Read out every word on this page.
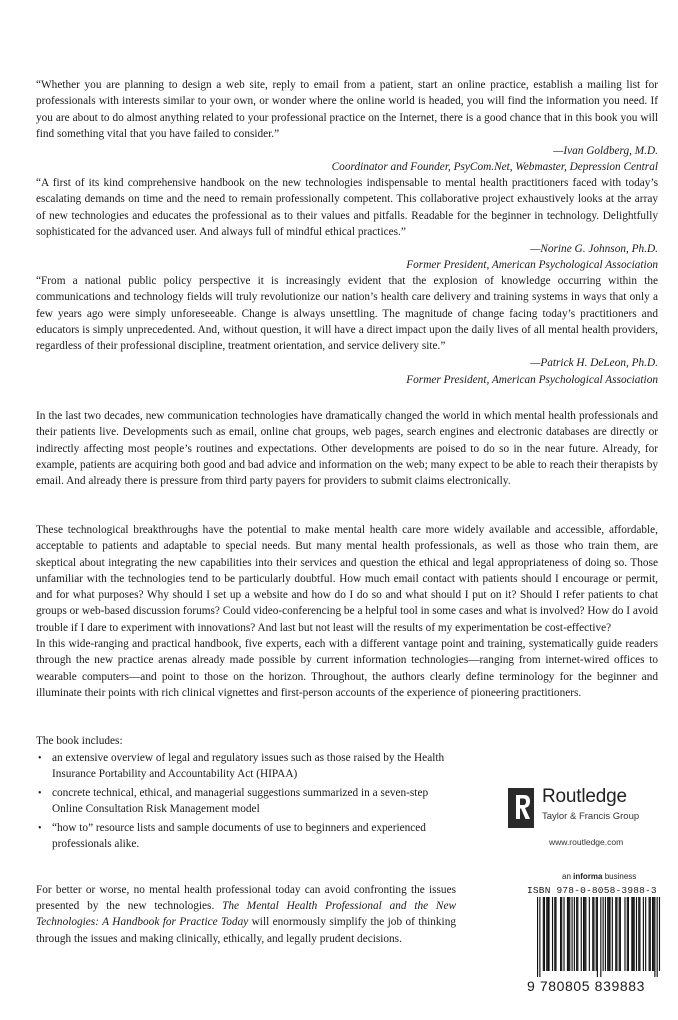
“Whether you are planning to design a web site, reply to email from a patient, start an online practice, establish a mailing list for professionals with interests similar to your own, or wonder where the online world is headed, you will find the information you need. If you are about to do almost anything related to your professional practice on the Internet, there is a good chance that in this book you will find something vital that you have failed to consider.”

—Ivan Goldberg, M.D.
Coordinator and Founder, PsyCom.Net, Webmaster, Depression Central

“A first of its kind comprehensive handbook on the new technologies indispensable to mental health practitioners faced with today’s escalating demands on time and the need to remain professionally competent. This collaborative project exhaustively looks at the array of new technologies and educates the professional as to their values and pitfalls. Readable for the beginner in technology. Delightfully sophisticated for the advanced user. And always full of mindful ethical practices.”

—Norine G. Johnson, Ph.D.
Former President, American Psychological Association

“From a national public policy perspective it is increasingly evident that the explosion of knowledge occurring within the communications and technology fields will truly revolutionize our nation’s health care delivery and training systems in ways that only a few years ago were simply unforeseeable. Change is always unsettling. The magnitude of change facing today’s practitioners and educators is simply unprecedented. And, without question, it will have a direct impact upon the daily lives of all mental health providers, regardless of their professional discipline, treatment orientation, and service delivery site.”

—Patrick H. DeLeon, Ph.D.
Former President, American Psychological Association

In the last two decades, new communication technologies have dramatically changed the world in which mental health professionals and their patients live. Developments such as email, online chat groups, web pages, search engines and electronic databases are directly or indirectly affecting most people’s routines and expectations. Other developments are poised to do so in the near future. Already, for example, patients are acquiring both good and bad advice and information on the web; many expect to be able to reach their therapists by email. And already there is pressure from third party payers for providers to submit claims electronically.

These technological breakthroughs have the potential to make mental health care more widely available and accessible, affordable, acceptable to patients and adaptable to special needs. But many mental health professionals, as well as those who train them, are skeptical about integrating the new capabilities into their services and question the ethical and legal appropriateness of doing so. Those unfamiliar with the technologies tend to be particularly doubtful. How much email contact with patients should I encourage or permit, and for what purposes? Why should I set up a website and how do I do so and what should I put on it? Should I refer patients to chat groups or web-based discussion forums? Could video-conferencing be a helpful tool in some cases and what is involved? How do I avoid trouble if I dare to experiment with innovations? And last but not least will the results of my experimentation be cost-effective?

In this wide-ranging and practical handbook, five experts, each with a different vantage point and training, systematically guide readers through the new practice arenas already made possible by current information technologies—ranging from internet-wired offices to wearable computers—and point to those on the horizon. Throughout, the authors clearly define terminology for the beginner and illuminate their points with rich clinical vignettes and first-person accounts of the experience of pioneering practitioners.

The book includes:
• an extensive overview of legal and regulatory issues such as those raised by the Health Insurance Portability and Accountability Act (HIPAA)
• concrete technical, ethical, and managerial suggestions summarized in a seven-step Online Consultation Risk Management model
• “how to” resource lists and sample documents of use to beginners and experienced professionals alike.

For better or worse, no mental health professional today can avoid confronting the issues presented by the new technologies. The Mental Health Professional and the New Technologies: A Handbook for Practice Today will enormously simplify the job of thinking through the issues and making clinically, ethically, and legally prudent decisions.

Routledge
Taylor & Francis Group
www.routledge.com
an informa business
ISBN 978-0-8058-3988-3
9 780805 839883
